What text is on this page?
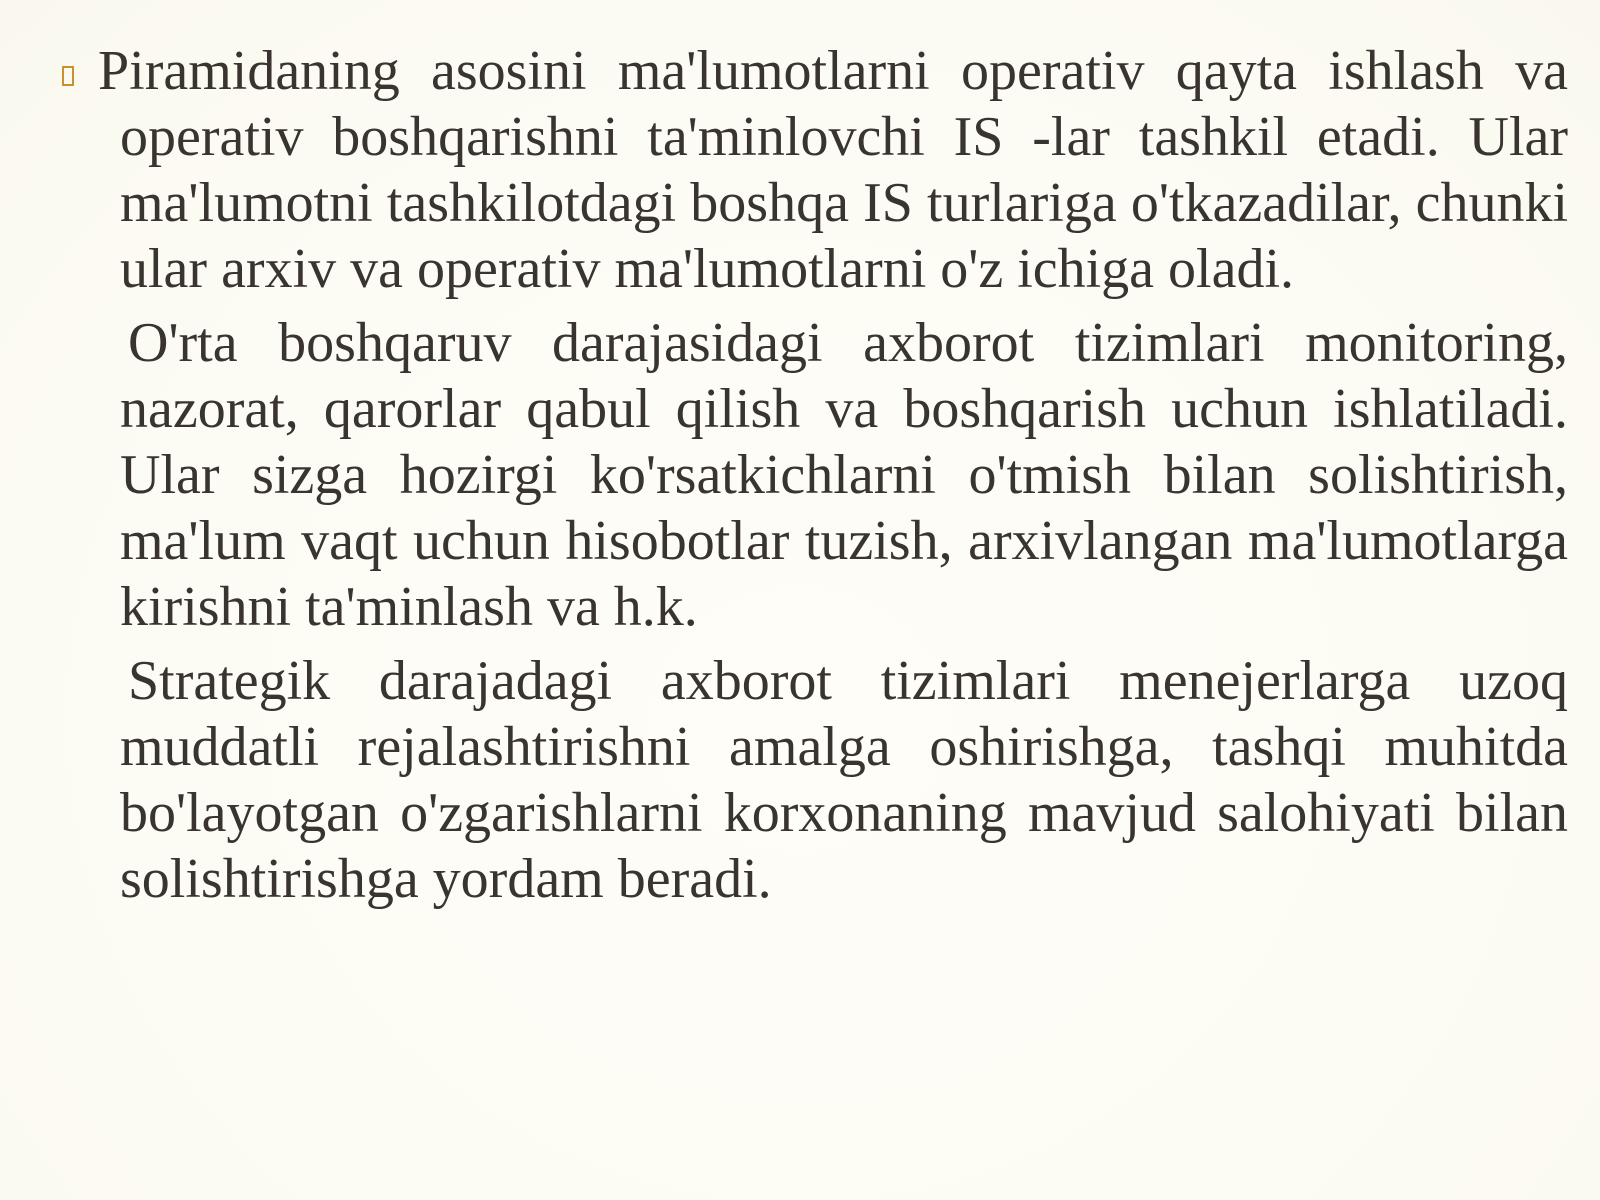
Piramidaning asosini ma'lumotlarni operativ qayta ishlash va operativ boshqarishni ta'minlovchi IS -lar tashkil etadi. Ular ma'lumotni tashkilotdagi boshqa IS turlariga o'tkazadilar, chunki ular arxiv va operativ ma'lumotlarni o'z ichiga oladi.
O'rta boshqaruv darajasidagi axborot tizimlari monitoring, nazorat, qarorlar qabul qilish va boshqarish uchun ishlatiladi. Ular sizga hozirgi ko'rsatkichlarni o'tmish bilan solishtirish, ma'lum vaqt uchun hisobotlar tuzish, arxivlangan ma'lumotlarga kirishni ta'minlash va h.k.
Strategik darajadagi axborot tizimlari menejerlarga uzoq muddatli rejalashtirishni amalga oshirishga, tashqi muhitda bo'layotgan o'zgarishlarni korxonaning mavjud salohiyati bilan solishtirishga yordam beradi.
